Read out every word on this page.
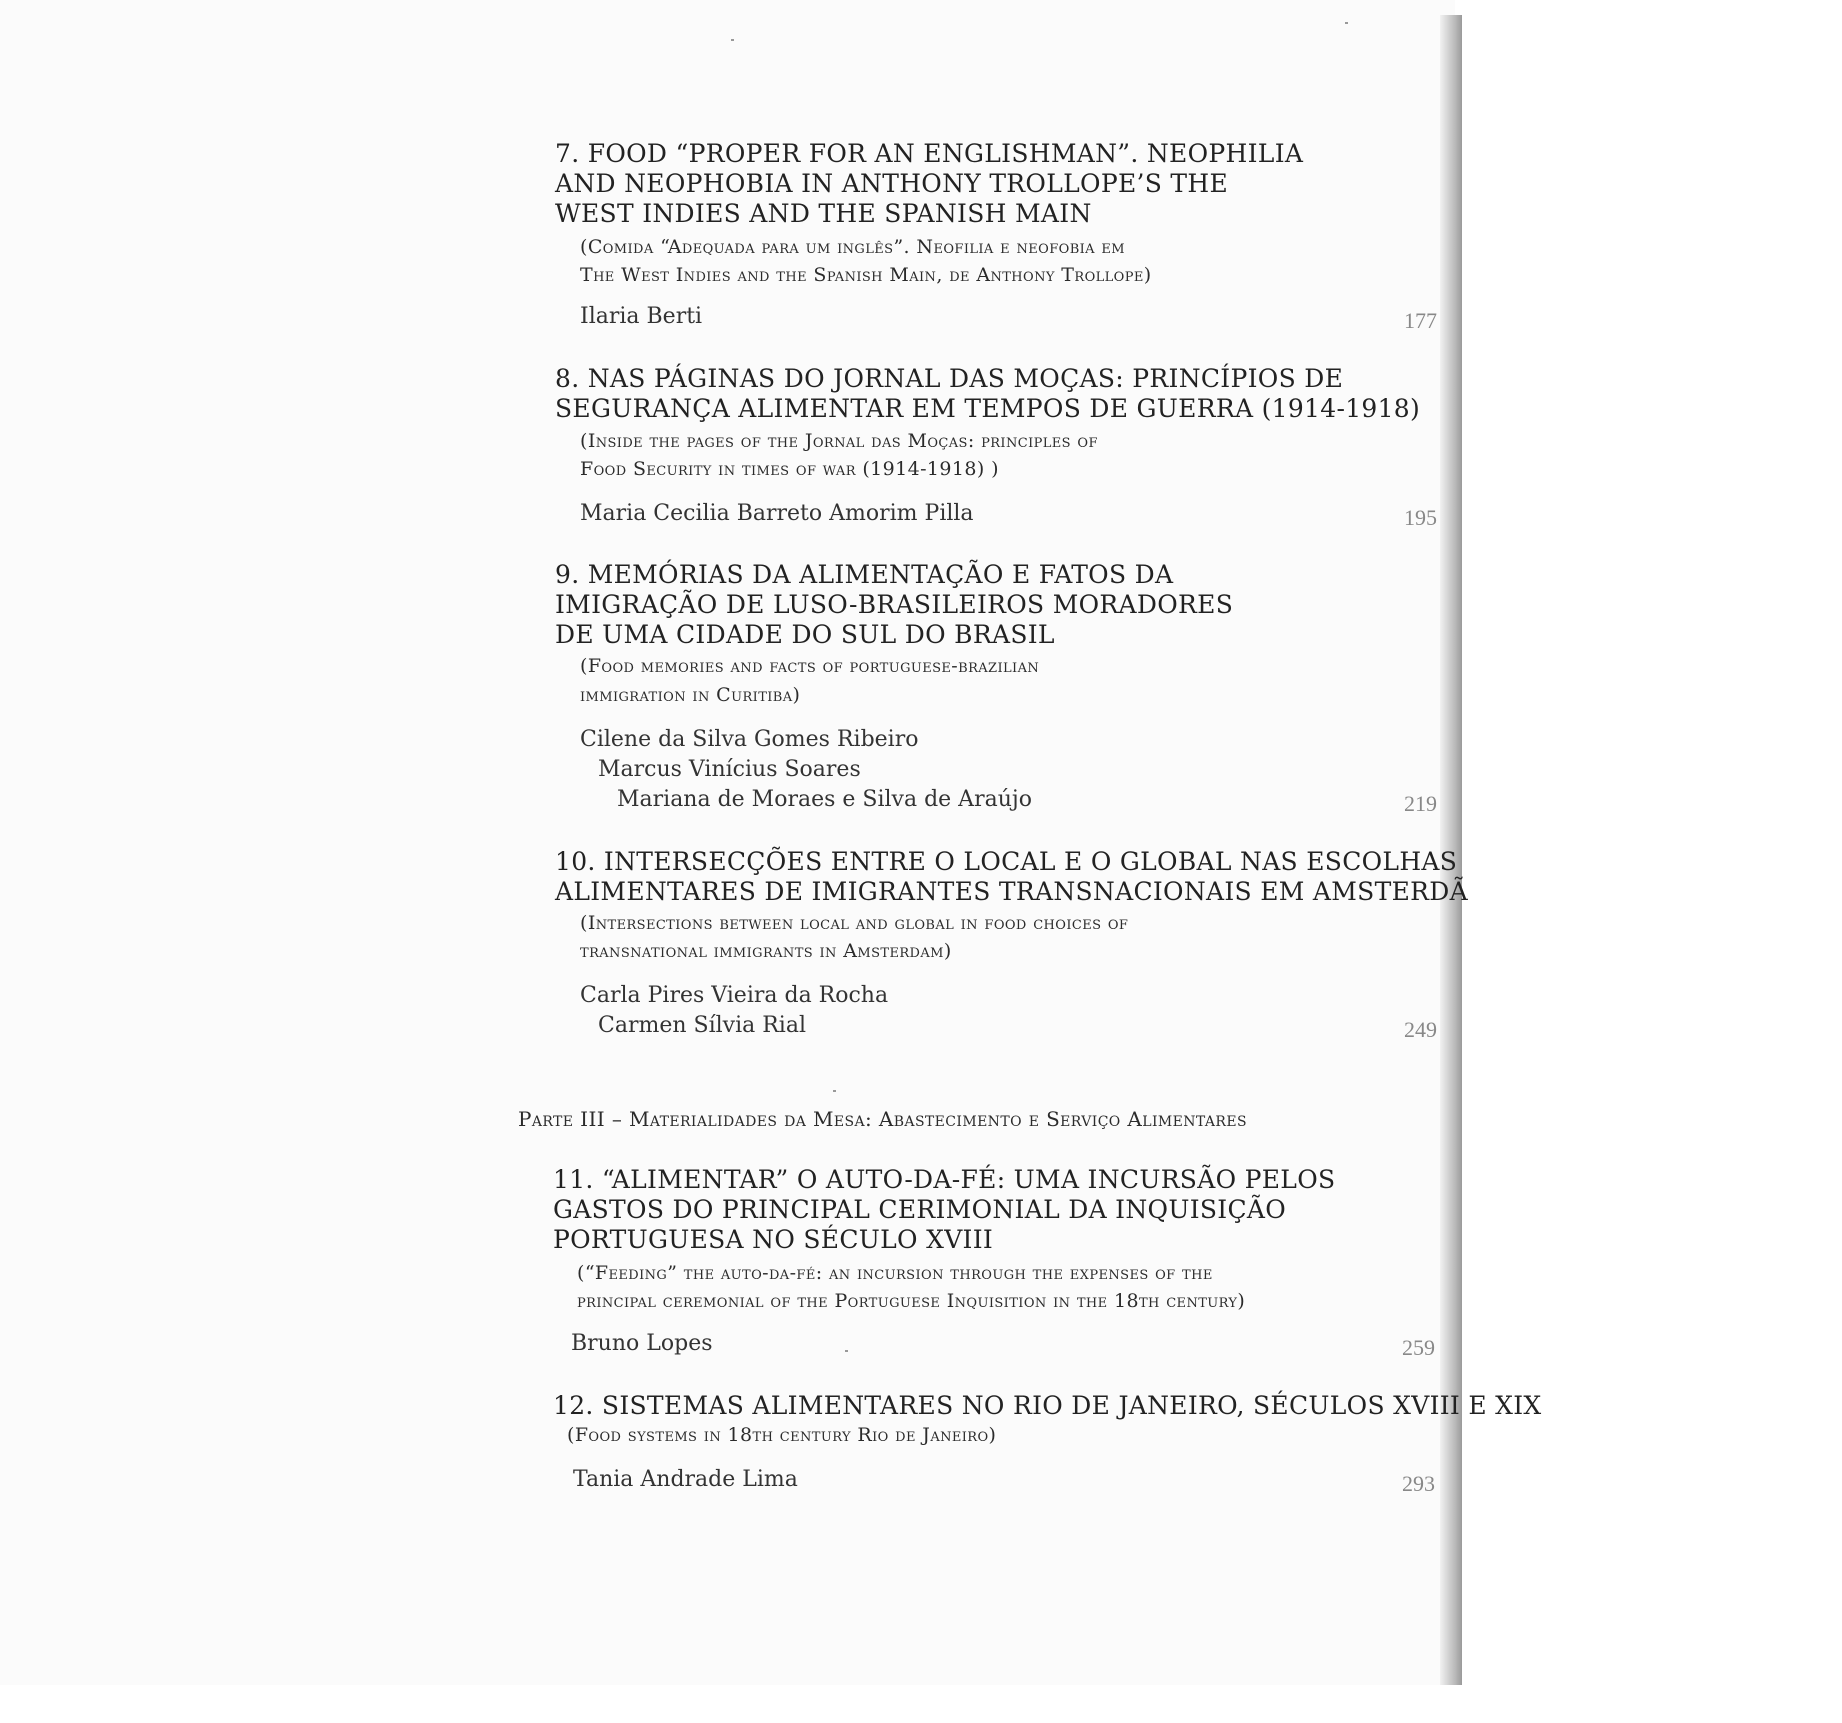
7. FOOD “PROPER FOR AN ENGLISHMAN”. NEOPHILIA
AND NEOPHOBIA IN ANTHONY TROLLOPE’S THE
WEST INDIES AND THE SPANISH MAIN
(Comida “Adequada para um inglês”. Neofilia e neofobia em
The West Indies and the Spanish Main, de Anthony Trollope)
Ilaria Berti	177
8. NAS PÁGINAS DO JORNAL DAS MOÇAS: PRINCÍPIOS DE
SEGURANÇA ALIMENTAR EM TEMPOS DE GUERRA (1914-1918)
(Inside the pages of the Jornal das Moças: principles of
Food Security in times of war (1914-1918) )
Maria Cecilia Barreto Amorim Pilla	195
9. MEMÓRIAS DA ALIMENTAÇÃO E FATOS DA
IMIGRAÇÃO DE LUSO-BRASILEIROS MORADORES
DE UMA CIDADE DO SUL DO BRASIL
(Food memories and facts of portuguese-brazilian
immigration in Curitiba)
Cilene da Silva Gomes Ribeiro
Marcus Vinícius Soares
Mariana de Moraes e Silva de Araújo	219
10. INTERSECÇÕES ENTRE O LOCAL E O GLOBAL NAS ESCOLHAS
ALIMENTARES DE IMIGRANTES TRANSNACIONAIS EM AMSTERDÃ
(Intersections between local and global in food choices of
transnational immigrants in Amsterdam)
Carla Pires Vieira da Rocha
Carmen Sílvia Rial	249
Parte III – Materialidades da Mesa: Abastecimento e Serviço Alimentares
11. “ALIMENTAR” O AUTO-DA-FÉ: UMA INCURSÃO PELOS
GASTOS DO PRINCIPAL CERIMONIAL DA INQUISIÇÃO
PORTUGUESA NO SÉCULO XVIII
(“Feeding” the auto-da-fé: an incursion through the expenses of the
principal ceremonial of the Portuguese Inquisition in the 18th century)
Bruno Lopes	259
12. SISTEMAS ALIMENTARES NO RIO DE JANEIRO, SÉCULOS XVIII E XIX
(Food systems in 18th century Rio de Janeiro)
Tania Andrade Lima	293
